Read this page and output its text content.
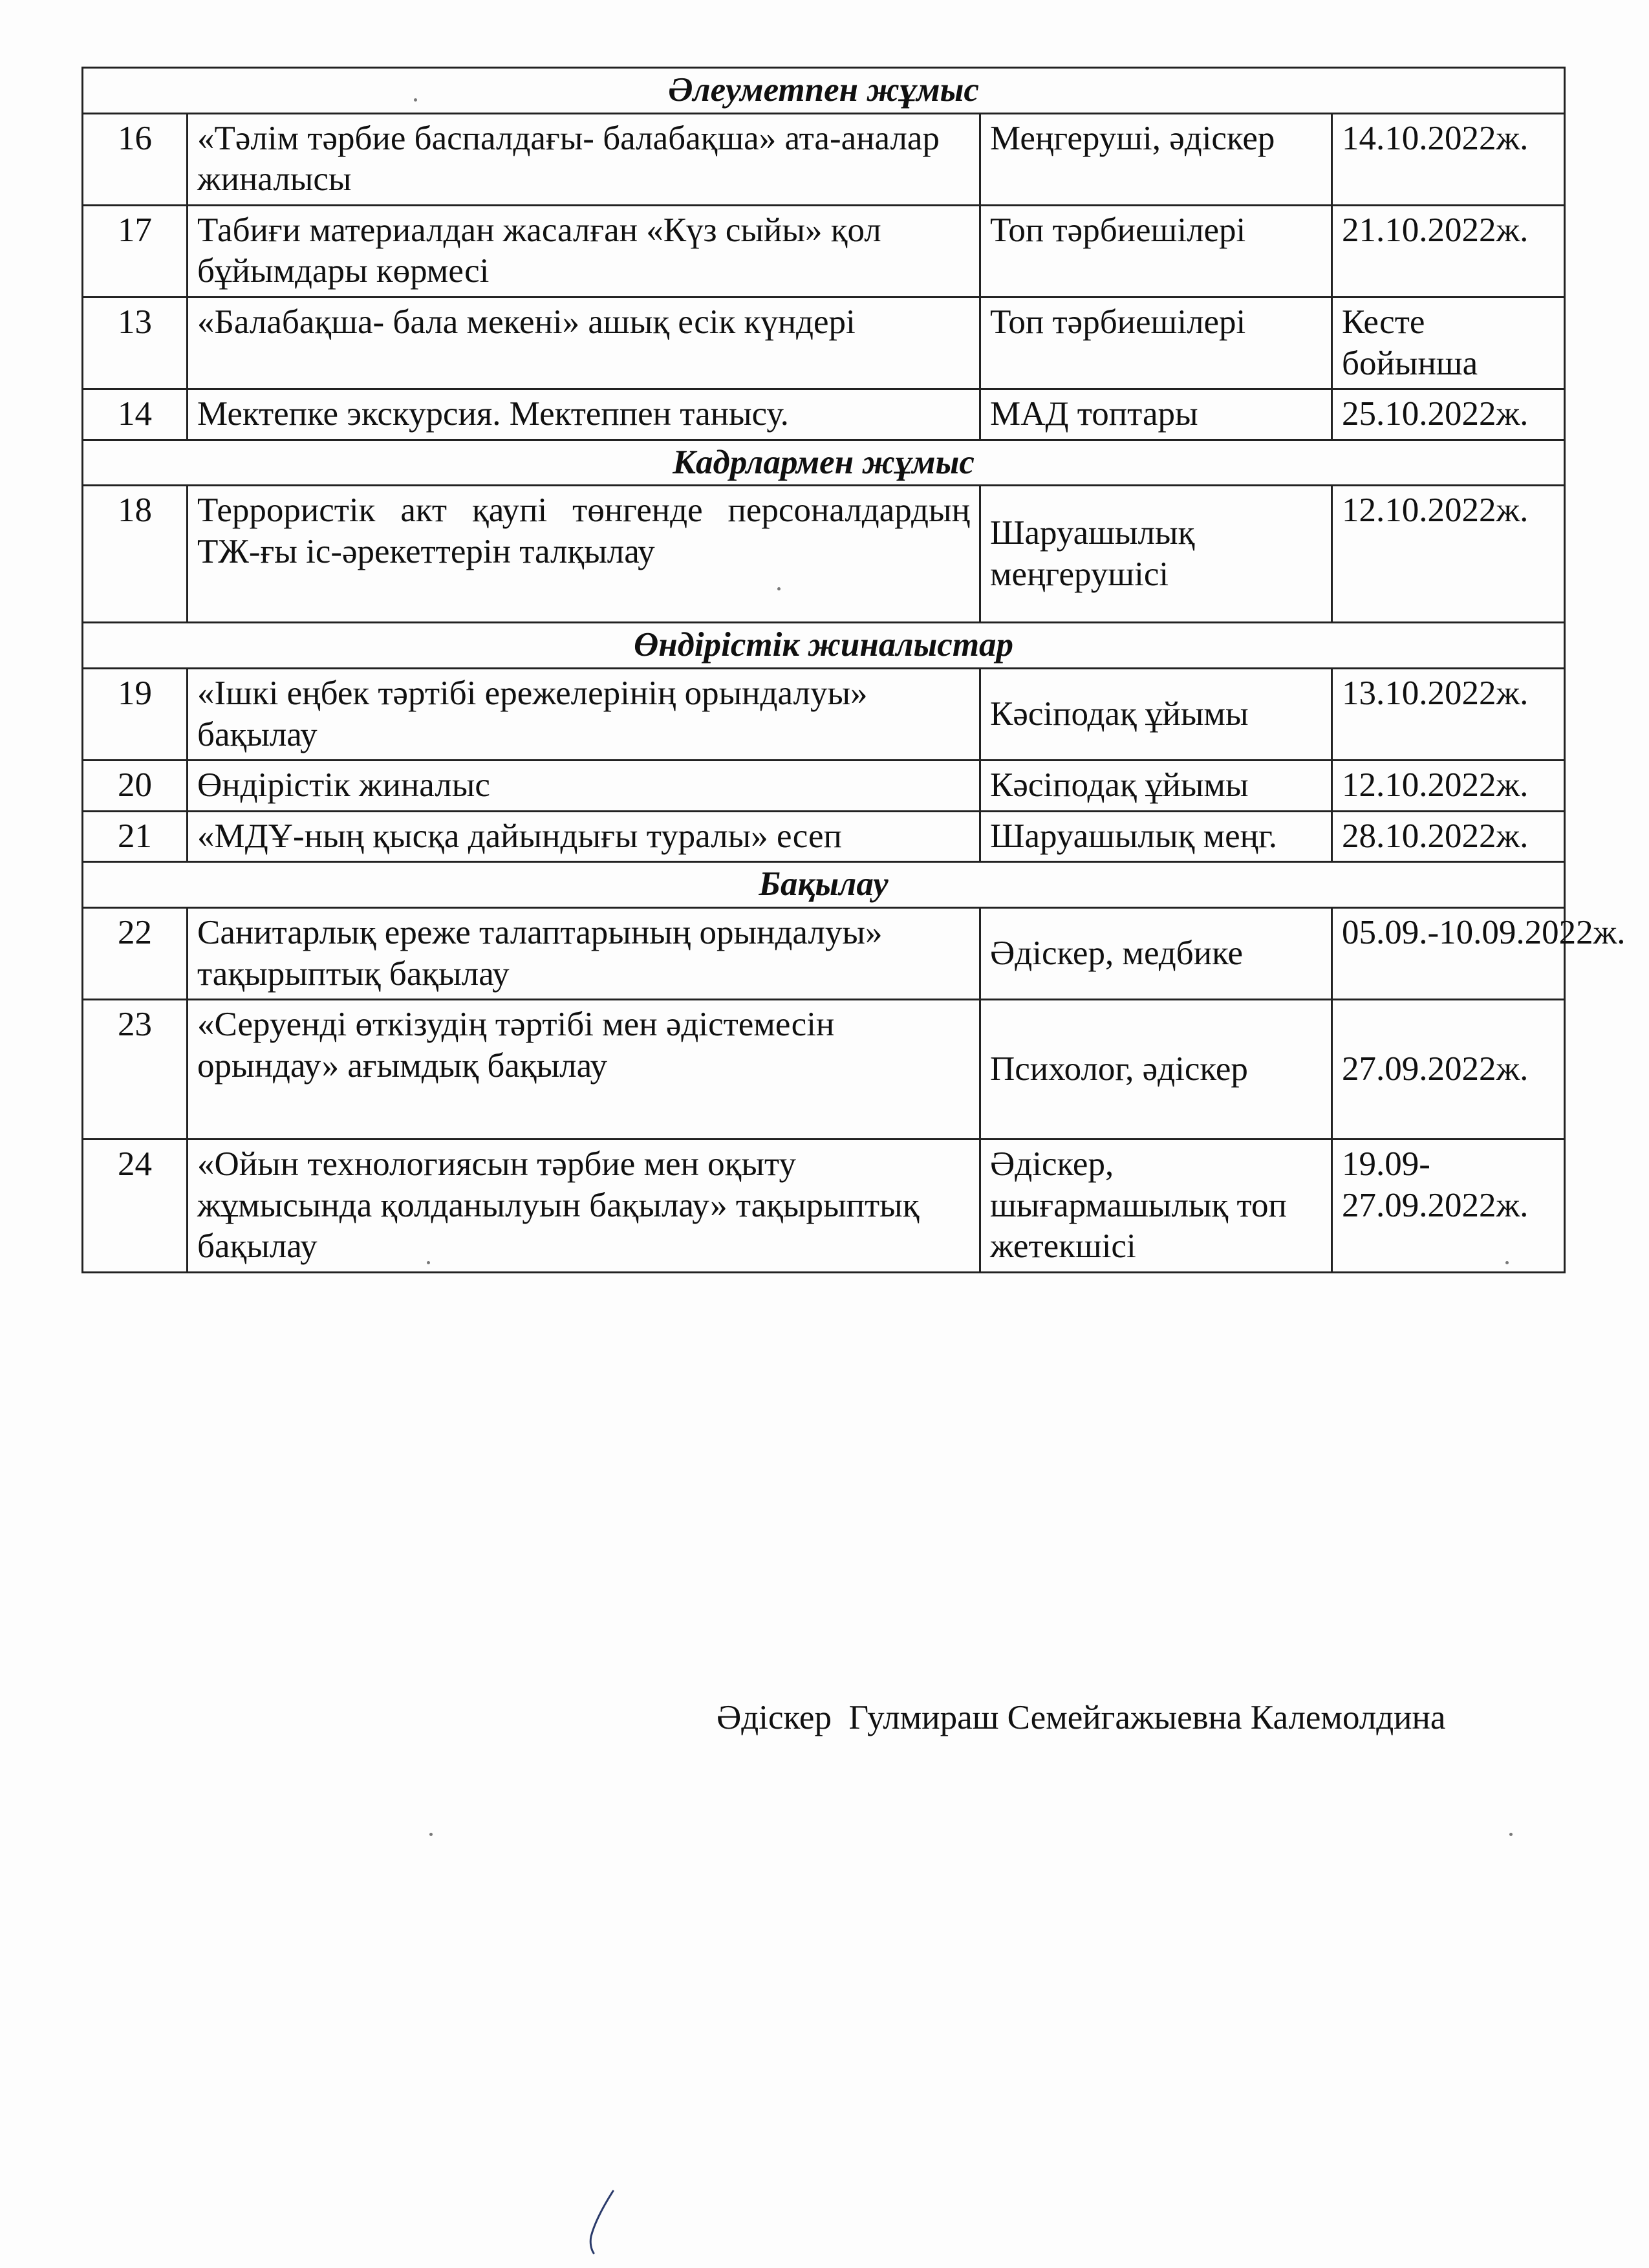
Әлеуметпен жұмыс			
16	«Тәлім тәрбие баспалдағы- балабақша» ата-аналар жиналысы	Меңгеруші, әдіскер	14.10.2022ж.
17	Табиғи материалдан жасалған «Күз сыйы» қол бұйымдары көрмесі	Топ тәрбиешілері	21.10.2022ж.
13	«Балабақша- бала мекені» ашық есік күндері	Топ тәрбиешілері	Кесте бойынша
14	Мектепке экскурсия. Мектеппен танысу.	МАД топтары	25.10.2022ж.
Кадрлармен жұмыс			
18	Террористік акт қаупі төнгенде персоналдардың ТЖ-ғы іс-әрекеттерін талқылау	Шаруашылық меңгерушісі	12.10.2022ж.
Өндірістік жиналыстар			
19	«Ішкі еңбек тәртібі ережелерінің орындалуы» бақылау	Кәсіподақ ұйымы	13.10.2022ж.
20	Өндірістік жиналыс	Кәсіподақ ұйымы	12.10.2022ж.
21	«МДҰ-ның қысқа дайындығы туралы» есеп	Шаруашылық меңг.	28.10.2022ж.
Бақылау			
22	Санитарлық ереже талаптарының орындалуы» тақырыптық бақылау	Әдіскер, медбике	05.09.-10.09.2022ж.
23	«Серуенді өткізудің тәртібі мен әдістемесін орындау» ағымдық бақылау	Психолог, әдіскер	27.09.2022ж.
24	«Ойын технологиясын тәрбие мен оқыту жұмысында қолданылуын бақылау» тақырыптық бақылау	Әдіскер, шығармашылық топ жетекшісі	19.09-27.09.2022ж.
Әдіскер  Гулмираш Семейгажыевна Калемолдина
